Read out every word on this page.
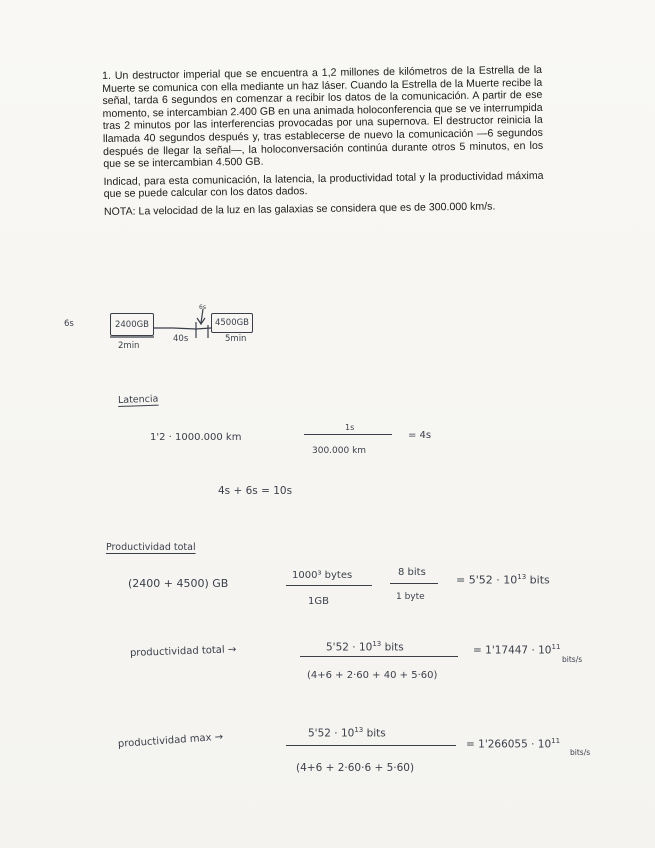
1. Un destructor imperial que se encuentra a 1,2 millones de kilómetros de la Estrella de la Muerte se comunica con ella mediante un haz láser. Cuando la Estrella de la Muerte recibe la señal, tarda 6 segundos en comenzar a recibir los datos de la comunicación. A partir de ese momento, se intercambian 2.400 GB en una animada holoconferencia que se ve interrumpida tras 2 minutos por las interferencias provocadas por una supernova. El destructor reinicia la llamada 40 segundos después y, tras establecerse de nuevo la comunicación —6 segundos después de llegar la señal—, la holoconversación continúa durante otros 5 minutos, en los que se se intercambian 4.500 GB.

Indicad, para esta comunicación, la latencia, la productividad total y la productividad máxima que se puede calcular con los datos dados.

NOTA: La velocidad de la luz en las galaxias se considera que es de 300.000 km/s.

6s	2400GB
2min
40s
6s
4500GB
5min
Latencia
1'2 · 1000.000 km
1s
300.000 km
= 4s
4s + 6s = 10s
Productividad total
(2400 + 4500) GB
1000³ bytes
1GB
8 bits
1 byte
= $5'52 \cdot 10^{13}$ bits
productividad total →	$5'52 \cdot 10^{13}$ bits
(4+6 + 2·60 + 40 + 5·60)
= $1'17447 \cdot 10^{11}$
bits/s
productividad max →	$5'52 \cdot 10^{13}$ bits
(4+6 + 2·60·6 + 5·60)
= $1'266055 \cdot 10^{11}$
bits/s
